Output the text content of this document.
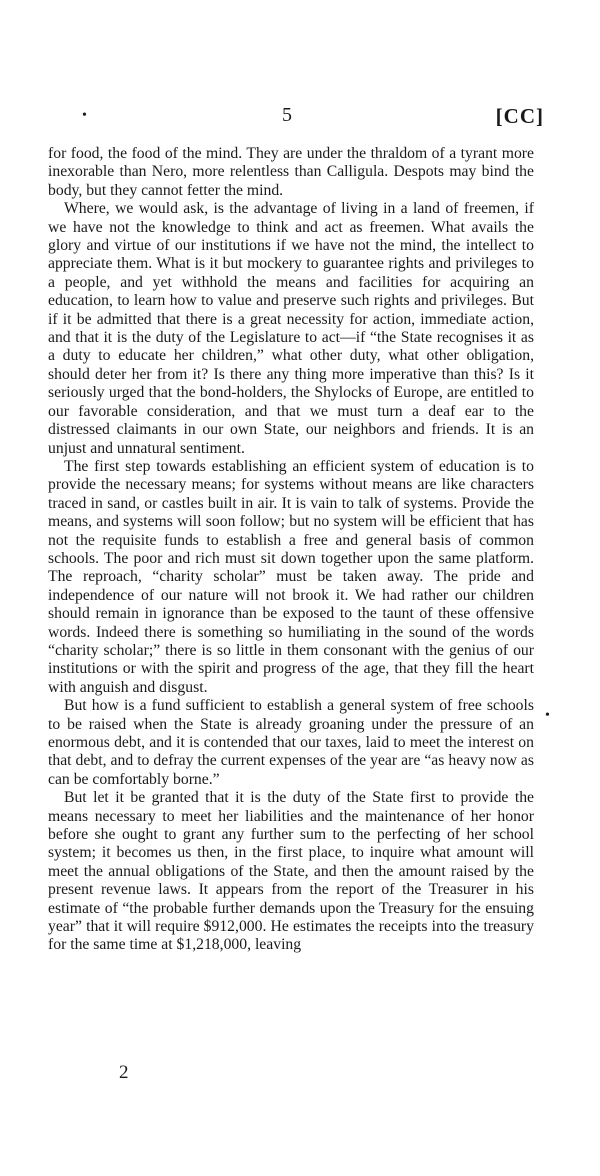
•	5	[CC]

for food, the food of the mind. They are under the thraldom of a tyrant more inexorable than Nero, more relentless than Calligula. Despots may bind the body, but they cannot fetter the mind.

Where, we would ask, is the advantage of living in a land of freemen, if we have not the knowledge to think and act as freemen. What avails the glory and virtue of our institutions if we have not the mind, the intellect to appreciate them. What is it but mockery to guarantee rights and privileges to a people, and yet withhold the means and facilities for acquiring an education, to learn how to value and preserve such rights and privileges. But if it be admitted that there is a great necessity for action, immediate action, and that it is the duty of the Legislature to act—if “the State recognises it as a duty to educate her children,” what other duty, what other obligation, should deter her from it? Is there any thing more imperative than this? Is it seriously urged that the bond-holders, the Shylocks of Europe, are entitled to our favorable consideration, and that we must turn a deaf ear to the distressed claimants in our own State, our neighbors and friends. It is an unjust and unnatural sentiment.

The first step towards establishing an efficient system of education is to provide the necessary means; for systems without means are like characters traced in sand, or castles built in air. It is vain to talk of systems. Provide the means, and systems will soon follow; but no system will be efficient that has not the requisite funds to establish a free and general basis of common schools. The poor and rich must sit down together upon the same platform. The reproach, “charity scholar” must be taken away. The pride and independence of our nature will not brook it. We had rather our children should remain in ignorance than be exposed to the taunt of these offensive words. Indeed there is something so humiliating in the sound of the words “charity scholar;” there is so little in them consonant with the genius of our institutions or with the spirit and progress of the age, that they fill the heart with anguish and disgust.

But how is a fund sufficient to establish a general system of free schools to be raised when the State is already groaning under the pressure of an enormous debt, and it is contended that our taxes, laid to meet the interest on that debt, and to defray the current expenses of the year are “as heavy now as can be comfortably borne.”

But let it be granted that it is the duty of the State first to provide the means necessary to meet her liabilities and the maintenance of her honor before she ought to grant any further sum to the perfecting of her school system; it becomes us then, in the first place, to inquire what amount will meet the annual obligations of the State, and then the amount raised by the present revenue laws. It appears from the report of the Treasurer in his estimate of “the probable further demands upon the Treasury for the ensuing year” that it will require $912,000. He estimates the receipts into the treasury for the same time at $1,218,000, leaving

•
2
